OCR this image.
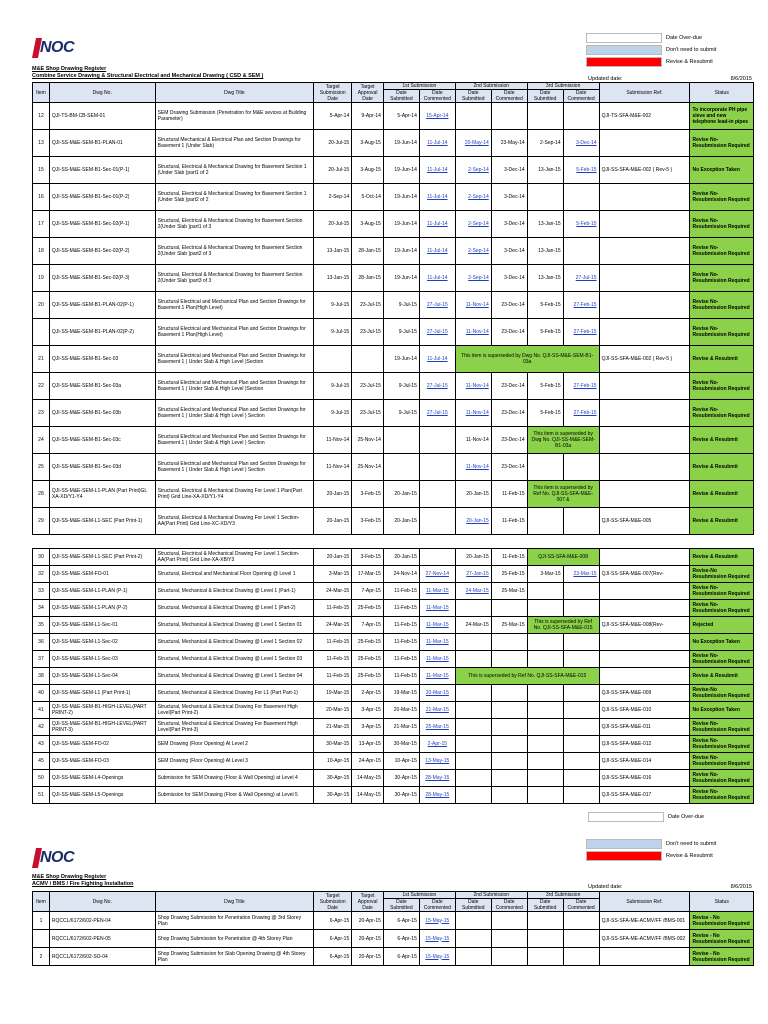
NOC
Date Over-due
Don't need to submit
Revise & Resubmit
M&E Shop Drawing Register
Combine Service Drawing & Structural Electrical and Mechanical Drawing ( CSD & SEM )	Updated date:	8/6/2015
Item	Dwg No.	Dwg Title	Target Submission Date	Target Approval Date	1st Submission		2nd Submission		3rd Submission		Submission Ref.	Status
					Date Submitted	Date Commented	Date Submitted	Date Commented	Date Submitted	Date Commented		
12	QJI-TS-BM-CB-SEM-01	SEM Drawing Submission (Penetration for M&E sevices at Building Parameter)	5-Apr-14	9-Apr-14	5-Apr-14	15-Apr-14					QJI-TS-SFA-M&E-002	To incorporate PH pipe sleve and new telephone lead-in pipes
13	QJI-SS-M&E-SEM-B1-PLAN-01	Structural Mechanical & Electrical Plan and Section Drawings for Basement 1 (Under Slab)	20-Jul-15	3-Aug-15	19-Jun-14	11-Jul-14	20-May-14	23-May-14	2-Sep-14	3-Dec-14		Revise No-Resubmission Required
15	QJI-SS-M&E-SEM-B1-Sec-01(P-1)	Structural, Electrical & Mechanical Drawing for Basement Section 1 (Under Slab )part1 of 2	20-Jul-15	3-Aug-15	19-Jun-14	11-Jul-14	2-Sep-14	3-Dec-14	13-Jan-15	5-Feb-15	QJI-SS-SFA-M&E-002 ( Rev-5 )	No Exception Taken
16	QJI-SS-M&E-SEM-B1-Sec-01(P-2)	Structural, Electrical & Mechanical Drawing for Basement Section 1 (Under Slab )part2 of 2	2-Sep-14	5-Oct-14	19-Jun-14	11-Jul-14	2-Sep-14	3-Dec-14				Revise No-Resubmission Required
17	QJI-SS-M&E-SEM-B1-Sec-02(P-1)	Structural, Electrical & Mechanical Drawing for Basement Section 2(Under Slab )part1 of 3	20-Jul-15	3-Aug-15	19-Jun-14	11-Jul-14	2-Sep-14	3-Dec-14	13-Jan-15	5-Feb-15		Revise No-Resubmission Required
18	QJI-SS-M&E-SEM-B1-Sec-02(P-2)	Structural, Electrical & Mechanical Drawing for Basement Section 2(Under Slab )part2 of 3	13-Jan-15	28-Jan-15	19-Jun-14	11-Jul-14	2-Sep-14	3-Dec-14	13-Jan-15			Revise No-Resubmission Required
19	QJI-SS-M&E-SEM-B1-Sec-02(P-3)	Structural, Electrical & Mechanical Drawing for Basement Section 2(Under Slab )part3 of 3	13-Jan-15	28-Jan-15	19-Jun-14	11-Jul-14	2-Sep-14	3-Dec-14	13-Jan-15	27-Jul-15		Revise No-Resubmission Required
20	QJI-SS-M&E-SEM-B1-PLAN-02(P-1)	Structural Electrical and Mechanical Plan and Section Drawings for Basement 1 Plan(High Level)	9-Jul-15	23-Jul-15	9-Jul-15	27-Jul-15	11-Nov-14	23-Dec-14	5-Feb-15	27-Feb-15		Revise No-Resubmission Required
	QJI-SS-M&E-SEM-B1-PLAN-02(P-2)	Structural Electrical and Mechanical Plan and Section Drawings for Basement 1 Plan(High Level)	9-Jul-15	23-Jul-15	9-Jul-15	27-Jul-15	11-Nov-14	23-Dec-14	5-Feb-15	27-Feb-15		Revise No-Resubmission Required
21	QJI-SS-M&E-SEM-B1-Sec-03	Structural Electrical and Mechanical Plan and Section Drawings for Basement 1 ( Under Slab & High Level )Section			19-Jun-14	11-Jul-14	This item is superseded by Dwg No. QJI-SS-M&E-SEM-B1-03a				QJI-SS-SFA-M&E-002 ( Rev-5 )	Revise & Resubmit
22	QJI-SS-M&E-SEM-B1-Sec-03a	Structural Electrical and Mechanical Plan and Section Drawings for Basement 1 ( Under Slab & High Level )Section	9-Jul-15	23-Jul-15	9-Jul-15	27-Jul-15	11-Nov-14	23-Dec-14	5-Feb-15	27-Feb-15		Revise No-Resubmission Required
23	QJI-SS-M&E-SEM-B1-Sec-03b	Structural Electrical and Mechanical Plan and Section Drawings for Basement 1 ( Under Slab & High Level ) Section	9-Jul-15	23-Jul-15	9-Jul-15	27-Jul-15	11-Nov-14	23-Dec-14	5-Feb-15	27-Feb-15		Revise No-Resubmission Required
24	QJI-SS-M&E-SEM-B1-Sec-03c	Structural Electrical and Mechanical Plan and Section Drawings for Basement 1 ( Under Slab & High Level ) Section	11-Nov-14	25-Nov-14			11-Nov-14	23-Dec-14	This item is superseded by Dwg No. QJI-SS-M&E-SEM-B1-03a			Revise & Resubmit
25	QJI-SS-M&E-SEM-B1-Sec-03d	Structural Electrical and Mechanical Plan and Section Drawings for Basement 1 ( Under Slab & High Level ) Section	11-Nov-14	25-Nov-14			11-Nov-14	23-Dec-14				Revise & Resubmit
28	QJI-SS-M&E-SEM-L1-PLAN (Part Print)GL XA-XD/Y1-Y4	Structural, Electrical & Mechanical Drawing For Level 1 Plan(Part Print) Grid Line-XA-XD/Y1-Y4	20-Jan-15	3-Feb-15	20-Jan-15		20-Jan-15	11-Feb-15	This item is superseded by Ref No. QJI-SS-SFA-M&E-007 &			Revise & Resubmit
29	QJI-SS-M&E-SEM-L1-SEC (Part Print-1)	Structural, Electrical & Mechanical Drawing For Level 1 Section-AA(Part Print) Grid Line-XC-XD/Y3	20-Jan-15	3-Feb-15	20-Jan-15		20-Jan-15	11-Feb-15			QJI-SS-SFA-M&E-005	Revise & Resubmit
30	QJI-SS-M&E-SEM-L1-SEC (Part Print-2)	Structural, Electrical & Mechanical Drawing For Level 1 Section-AA(Part Print) Grid Line-XA-XB/Y3	20-Jan-15	3-Feb-15	20-Jan-15		20-Jan-15	11-Feb-15	QJI-SS-SFA-M&E-008			Revise & Resubmit
32	QJI-SS-M&E-SEM-FO-01	Structural, Electrical and Mechanical Floor Opening @ Level 1	3-Mar-15	17-Mar-15	24-Nov-14	27-Nov-14	27-Jan-15	25-Feb-15	3-Mar-15	23-Mar-15	QJI-SS-SFA-M&E-007(Rev-	Revise-No Resubmission Required
33	QJI-SS-M&E-SEM-L1-PLAN (P-1)	Structural, Mechanical & Electrical Drawing @ Level 1 (Part-1)	24-Mar-15	7-Apr-15	11-Feb-15	11-Mar-15	24-Mar-15	25-Mar-15				Revise No-Resubmission Required
34	QJI-SS-M&E-SEM-L1-PLAN (P-2)	Structural, Mechanical & Electrical Drawing @ Level 1 (Part-2)	11-Feb-15	25-Feb-15	11-Feb-15	11-Mar-15						Revise No-Resubmission Required
35	QJI-SS-M&E-SEM-L1-Sec-01	Structural, Mechanical & Electrical Drawing @ Level 1 Section 01	24-Mar-15	7-Apr-15	11-Feb-15	11-Mar-15	24-Mar-15	25-Mar-15	This is superseded by Ref No. QJI-SS-SFA-M&E-015		QJI-SS-SFA-M&E-008(Rev-	Rejected
36	QJI-SS-M&E-SEM-L1-Sec-02	Structural, Mechanical & Electrical Drawing @ Level 1 Section 02	11-Feb-15	25-Feb-15	11-Feb-15	11-Mar-15						No Exception Taken
37	QJI-SS-M&E-SEM-L1-Sec-03	Structural, Mechanical & Electrical Drawing @ Level 1 Section 03	11-Feb-15	25-Feb-15	11-Feb-15	11-Mar-15						Revise No-Resubmission Required
38	QJI-SS-M&E-SEM-L1-Sec-04	Structural, Mechanical & Electrical Drawing @ Level 1 Section 04	11-Feb-15	25-Feb-15	11-Feb-15	11-Mar-15	This is superseded by Ref No. QJI-SS-SFA-M&E-015					Revise & Resubmit
40	QJI-SS-M&E-SEM-L1 (Part Print-1)	Structural, Mechanical & Electrical Drawing For L1 (Part Part-1)	19-Mar-15	2-Apr-15	19-Mar-15	20-Mar-15					QJI-SS-SFA-M&E-009	Revise-No Resubmission Required
41	QJI-SS-M&E-SEM-B1-HIGH-LEVEL(PART PRINT-2)	Structural, Mechanical & Electrical Drawing For Basement High Level(Part Print-2)	20-Mar-15	3-Apr-15	20-Mar-15	21-Mar-15					QJI-SS-SFA-M&E-010	No Exception Taken
42	QJI-SS-M&E-SEM-B1-HIGH-LEVEL(PART PRINT-3)	Structural, Mechanical & Electrical Drawing For Basement High Level(Part Print-3)	21-Mar-15	3-Apr-15	21-Mar-15	25-Mar-15					QJI-SS-SFA-M&E-011	Revise No-Resubmission Required
43	QJI-SS-M&E-SEM-FO-02	SEM Drawing (Floor Opening) At Level 2	30-Mar-15	13-Apr-15	30-Mar-15	2-Apr-15					QJI-SS-SFA-M&E-012	Revise No-Resubmission Required
45	QJI-SS-M&E-SEM-FO-03	SEM Drawing (Floor Opening) At Level 3	10-Apr-15	24-Apr-15	10-Apr-15	13-May-15					QJI-SS-SFA-M&E-014	Revise No-Resubmission Required
50	QJI-SS-M&E-SEM-L4-Openings	Submission for SEM Drawing (Floor & Wall Opening) at Level 4	30-Apr-15	14-May-15	30-Apr-15	28-May-15					QJI-SS-SFA-M&E-016	Revise No-Resubmission Required
51	QJI-SS-M&E-SEM-L5-Openings	Submission for SEM Drawing (Floor & Wall Opening) at Level 5	30-Apr-15	14-May-15	30-Apr-15	28-May-15					QJI-SS-SFA-M&E-017	Revise No-Resubmission Required
Date Over-due
NOC
Don't need to submit
Revise & Resubmit
M&E Shop Drawing Register
ACMV / BMS / Fire Fighting Installation	Updated date:	8/6/2015
Item	Dwg No.	Dwg Title	Target Submission Date	Target Approval Date	1st Submission		2nd Submission		3rd Submission		Submission Ref.	Status
					Date Submitted	Date Commented	Date Submitted	Date Commented	Date Submitted	Date Commented		
1	RQCCL/6172/602-PEN-04	Shop Drawing Submission for Penetration Drawing @ 3rd Storey Plan	6-Apr-15	20-Apr-15	6-Apr-15	15-May-15					QJI-SS-SFA-ME-ACMV/FF /BMS-001	Revise - No Resubmission Required
	RQCCL/6172/602-PEN-05	Shop Drawing Submission for Penetration @ 4th Storey Plan	6-Apr-15	20-Apr-15	6-Apr-15	15-May-15					QJI-SS-SFA-ME-ACMV/FF /BMS-002	Revise - No Resubmission Required
2	RQCCL/6172/602-SO-04	Shop Drawing Submission for Slab Opening Drawing @ 4th Storey Plan	6-Apr-15	20-Apr-15	6-Apr-15	15-May-15						Revise - No Resubmission Required
